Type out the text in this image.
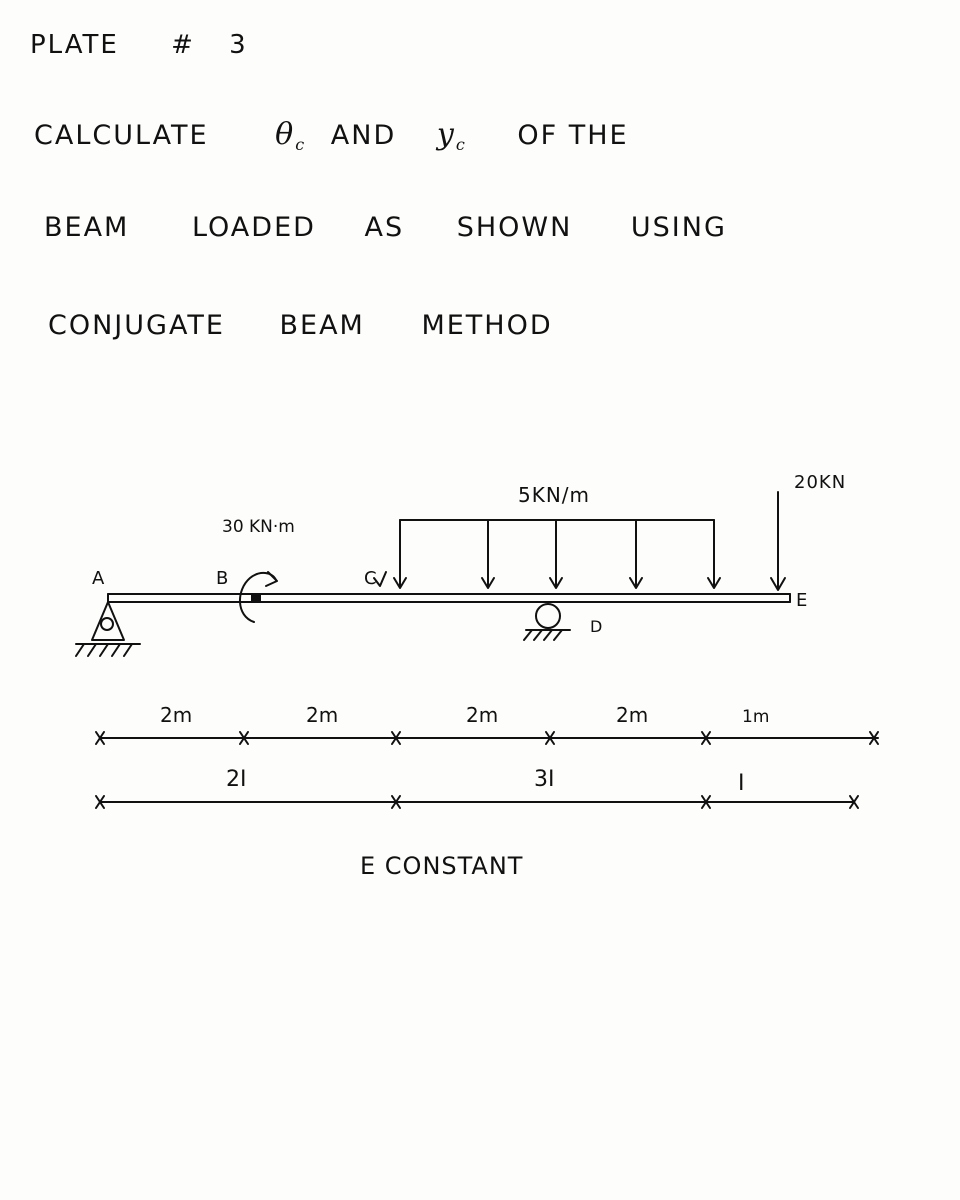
PLATE # 3
CALCULATE $\theta_c$ AND $y_c$ OF THE
BEAM LOADED AS SHOWN USING
CONJUGATE BEAM METHOD
A	B	C
D
E
30 KN·m
5KN/m
20KN
2m	2m	2m	2m	1m
2I	3I	I
E CONSTANT
